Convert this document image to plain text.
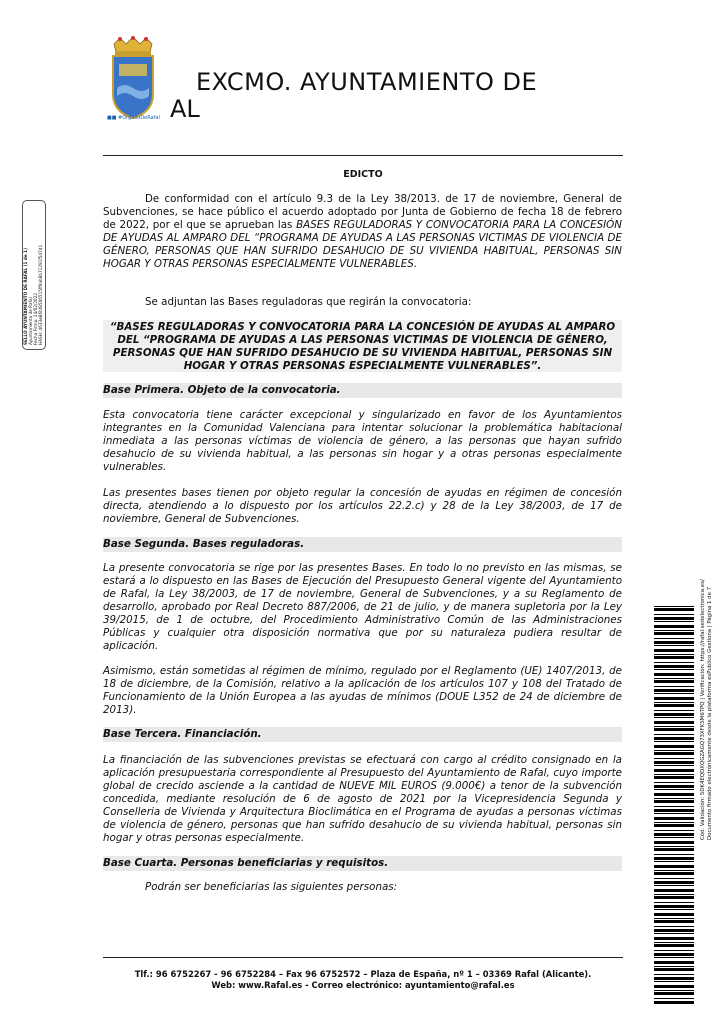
■■ #OrgulloDeRafal
EXCMO. AYUNTAMIENTO DE
AL
SELLO AYUNTAMIENTO DE RAFAL (1 de 1) Ayuntamiento de Rafal Fecha Firma: 24/02/2022 HASH: 4633e86bf8506515ff9ab8b71291f5d7d1
EDICTO
De conformidad con el artículo 9.3 de la Ley 38/2013. de 17 de noviembre, General de Subvenciones, se hace público el acuerdo adoptado por Junta de Gobierno de fecha 18 de febrero de 2022, por el que se aprueban las BASES REGULADORAS Y CONVOCATORIA PARA LA CONCESIÓN DE AYUDAS AL AMPARO DEL “PROGRAMA DE AYUDAS A LAS PERSONAS VICTIMAS DE VIOLENCIA DE GÉNERO, PERSONAS QUE HAN SUFRIDO DESAHUCIO DE SU VIVIENDA HABITUAL, PERSONAS SIN HOGAR Y OTRAS PERSONAS ESPECIALMENTE VULNERABLES.
Se adjuntan las Bases reguladoras que regirán la convocatoria:
“BASES REGULADORAS Y CONVOCATORIA PARA LA CONCESIÓN DE AYUDAS AL AMPARO DEL “PROGRAMA DE AYUDAS A LAS PERSONAS VICTIMAS DE VIOLENCIA DE GÉNERO, PERSONAS QUE HAN SUFRIDO DESAHUCIO DE SU VIVIENDA HABITUAL, PERSONAS SIN HOGAR Y OTRAS PERSONAS ESPECIALMENTE VULNERABLES”.
Base Primera. Objeto de la convocatoria.
Esta convocatoria tiene carácter excepcional y singularizado en favor de los Ayuntamientos integrantes en la Comunidad Valenciana para intentar solucionar la problemática habitacional inmediata a las personas víctimas de violencia de género, a las personas que hayan sufrido desahucio de su vivienda habitual, a las personas sin hogar y a otras personas especialmente vulnerables.
Las presentes bases tienen por objeto regular la concesión de ayudas en régimen de concesión directa, atendiendo a lo dispuesto por los artículos 22.2.c) y 28 de la Ley 38/2003, de 17 de noviembre, General de Subvenciones.
Base Segunda. Bases reguladoras.
La presente convocatoria se rige por las presentes Bases. En todo lo no previsto en las mismas, se estará a lo dispuesto en las Bases de Ejecución del Presupuesto General vigente del Ayuntamiento de Rafal, la Ley 38/2003, de 17 de noviembre, General de Subvenciones, y a su Reglamento de desarrollo, aprobado por Real Decreto 887/2006, de 21 de julio, y de manera supletoria por la Ley 39/2015, de 1 de octubre, del Procedimiento Administrativo Común de las Administraciones Públicas y cualquier otra disposición normativa que por su naturaleza pudiera resultar de aplicación.
Asimismo, están sometidas al régimen de mínimo, regulado por el Reglamento (UE) 1407/2013, de 18 de diciembre, de la Comisión, relativo a la aplicación de los artículos 107 y 108 del Tratado de Funcionamiento de la Unión Europea a las ayudas de mínimos (DOUE L352 de 24 de diciembre de 2013).
Base Tercera. Financiación.
La financiación de las subvenciones previstas se efectuará con cargo al crédito consignado en la aplicación presupuestaria correspondiente al Presupuesto del Ayuntamiento de Rafal, cuyo importe global de crecido asciende a la cantidad de NUEVE MIL EUROS (9.000€) a tenor de la subvención concedida, mediante resolución de 6 de agosto de 2021 por la Vicepresidencia Segunda y Conselleria de Vivienda y Arquitectura Bioclimática en el Programa de ayudas a personas víctimas de violencia de género, personas que han sufrido desahucio de su vivienda habitual, personas sin hogar y otras personas especialmente.
Base Cuarta. Personas beneficiarias y requisitos.
Podrán ser beneficiarias las siguientes personas:
Tlf.: 96 6752267 - 96 6752284 – Fax 96 6752572 – Plaza de España, nº 1 – 03369 Rafal (Alicante).
Web: www.Rafal.es - Correo electrónico: ayuntamiento@rafal.es
Cód. Validación: 5DK4EQDXQGZAGQ73XFKSM6TPQ | Verificación: https://rafal.sedelectronica.es/ Documento firmado electrónicamente desde la plataforma esPublico Gestiona | Página 1 de 7
